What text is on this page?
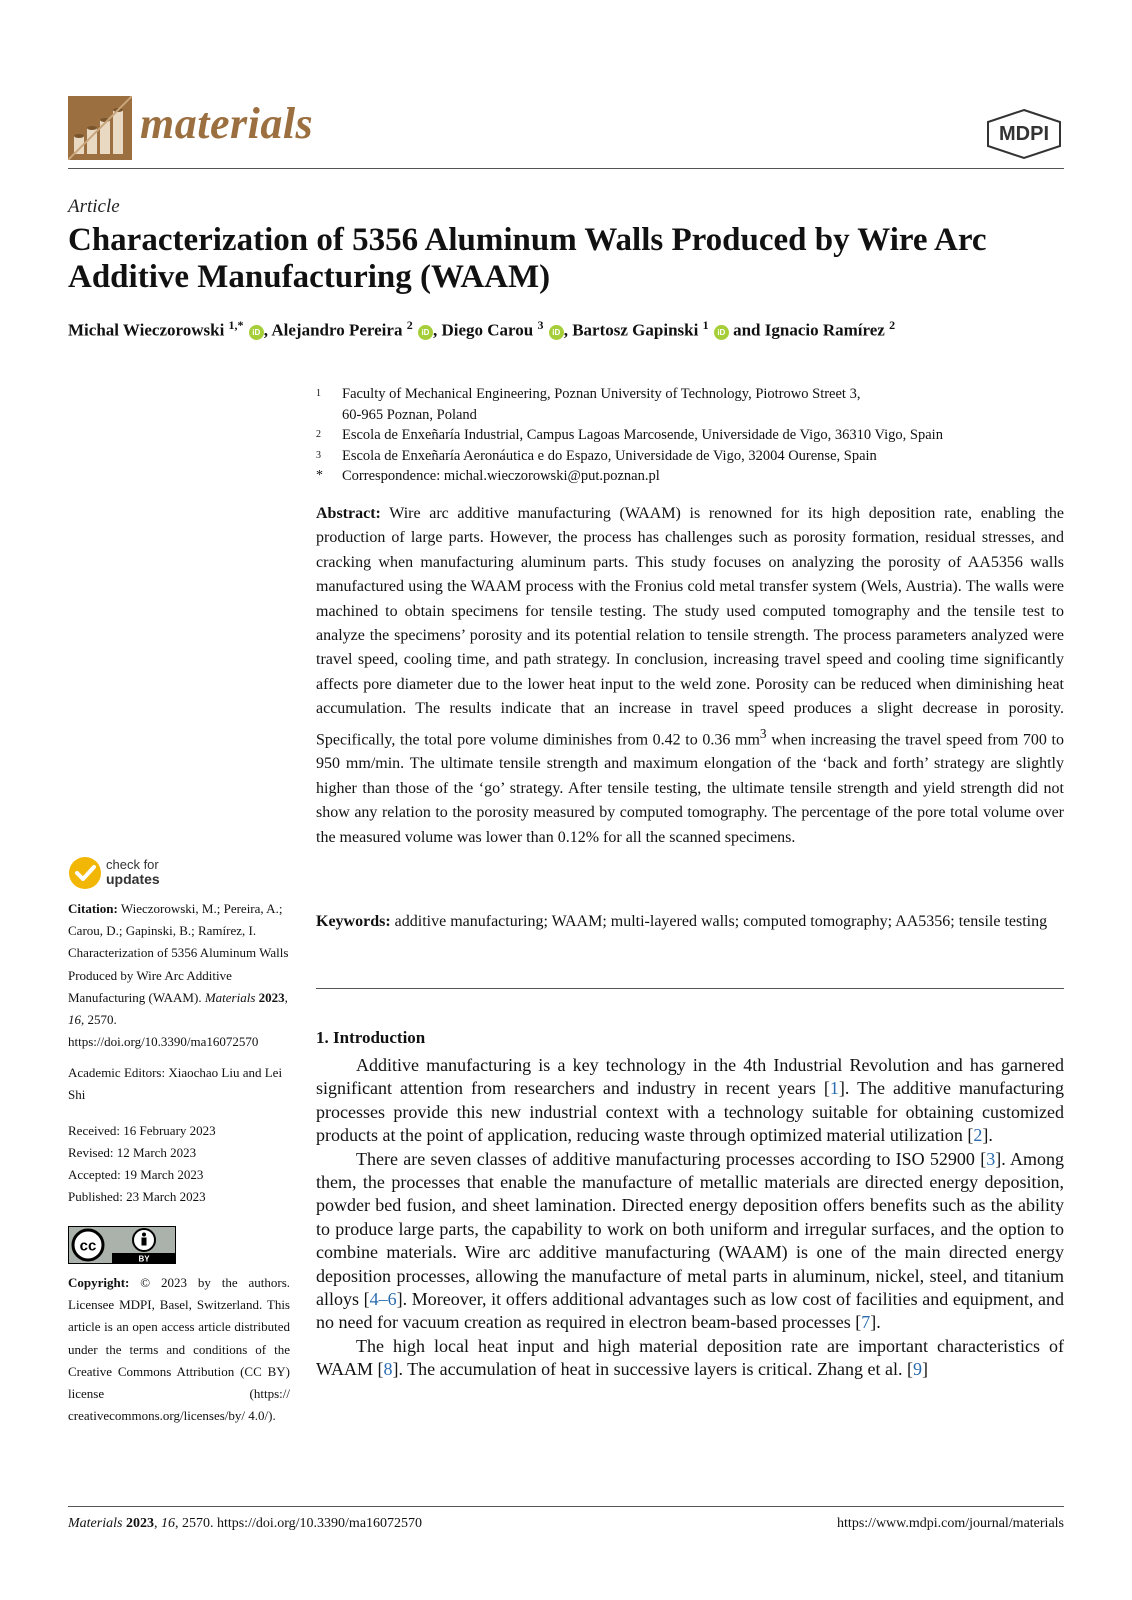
materials	MDPI
Article
Characterization of 5356 Aluminum Walls Produced by Wire Arc Additive Manufacturing (WAAM)
Michal Wieczorowski $^{1,*}$ iD , Alejandro Pereira $^2$ iD , Diego Carou $^3$ iD , Bartosz Gapinski $^1$ iD and Ignacio Ramírez $^2$
1	Faculty of Mechanical Engineering, Poznan University of Technology, Piotrowo Street 3,
60-965 Poznan, Poland
2	Escola de Enxeñaría Industrial, Campus Lagoas Marcosende, Universidade de Vigo, 36310 Vigo, Spain
3	Escola de Enxeñaría Aeronáutica e do Espazo, Universidade de Vigo, 32004 Ourense, Spain
*	Correspondence: michal.wieczorowski@put.poznan.pl
Abstract: Wire arc additive manufacturing (WAAM) is renowned for its high deposition rate, enabling the production of large parts. However, the process has challenges such as porosity formation, residual stresses, and cracking when manufacturing aluminum parts. This study focuses on analyzing the porosity of AA5356 walls manufactured using the WAAM process with the Fronius cold metal transfer system (Wels, Austria). The walls were machined to obtain specimens for tensile testing. The study used computed tomography and the tensile test to analyze the specimens’ porosity and its potential relation to tensile strength. The process parameters analyzed were travel speed, cooling time, and path strategy. In conclusion, increasing travel speed and cooling time significantly affects pore diameter due to the lower heat input to the weld zone. Porosity can be reduced when diminishing heat accumulation. The results indicate that an increase in travel speed produces a slight decrease in porosity. Specifically, the total pore volume diminishes from 0.42 to 0.36 $mm^3$ when increasing the travel speed from 700 to 950 mm/min. The ultimate tensile strength and maximum elongation of the ‘back and forth’ strategy are slightly higher than those of the ‘go’ strategy. After tensile testing, the ultimate tensile strength and yield strength did not show any relation to the porosity measured by computed tomography. The percentage of the pore total volume over the measured volume was lower than 0.12% for all the scanned specimens.
Keywords: additive manufacturing; WAAM; multi-layered walls; computed tomography; AA5356; tensile testing
1. Introduction

Additive manufacturing is a key technology in the 4th Industrial Revolution and has garnered significant attention from researchers and industry in recent years [1]. The additive manufacturing processes provide this new industrial context with a technology suitable for obtaining customized products at the point of application, reducing waste through optimized material utilization [2].

There are seven classes of additive manufacturing processes according to ISO 52900 [3]. Among them, the processes that enable the manufacture of metallic materials are directed energy deposition, powder bed fusion, and sheet lamination. Directed energy deposition offers benefits such as the ability to produce large parts, the capability to work on both uniform and irregular surfaces, and the option to combine materials. Wire arc additive manufacturing (WAAM) is one of the main directed energy deposition processes, allowing the manufacture of metal parts in aluminum, nickel, steel, and titanium alloys [4–6]. Moreover, it offers additional advantages such as low cost of facilities and equipment, and no need for vacuum creation as required in electron beam-based processes [7].

The high local heat input and high material deposition rate are important characteristics of WAAM [8]. The accumulation of heat in successive layers is critical. Zhang et al. [9]

check for
updates
Citation: Wieczorowski, M.; Pereira, A.; Carou, D.; Gapinski, B.; Ramírez, I. Characterization of 5356 Aluminum Walls Produced by Wire Arc Additive Manufacturing (WAAM). Materials 2023, 16, 2570. https://doi.org/10.3390/ma16072570
Academic Editors: Xiaochao Liu and Lei Shi
Received: 16 February 2023
Revised: 12 March 2023
Accepted: 19 March 2023
Published: 23 March 2023
cc
BY
Copyright: © 2023 by the authors. Licensee MDPI, Basel, Switzerland. This article is an open access article distributed under the terms and conditions of the Creative Commons Attribution (CC BY) license (https:// creativecommons.org/licenses/by/ 4.0/).
Materials 2023, 16, 2570. https://doi.org/10.3390/ma16072570	https://www.mdpi.com/journal/materials
